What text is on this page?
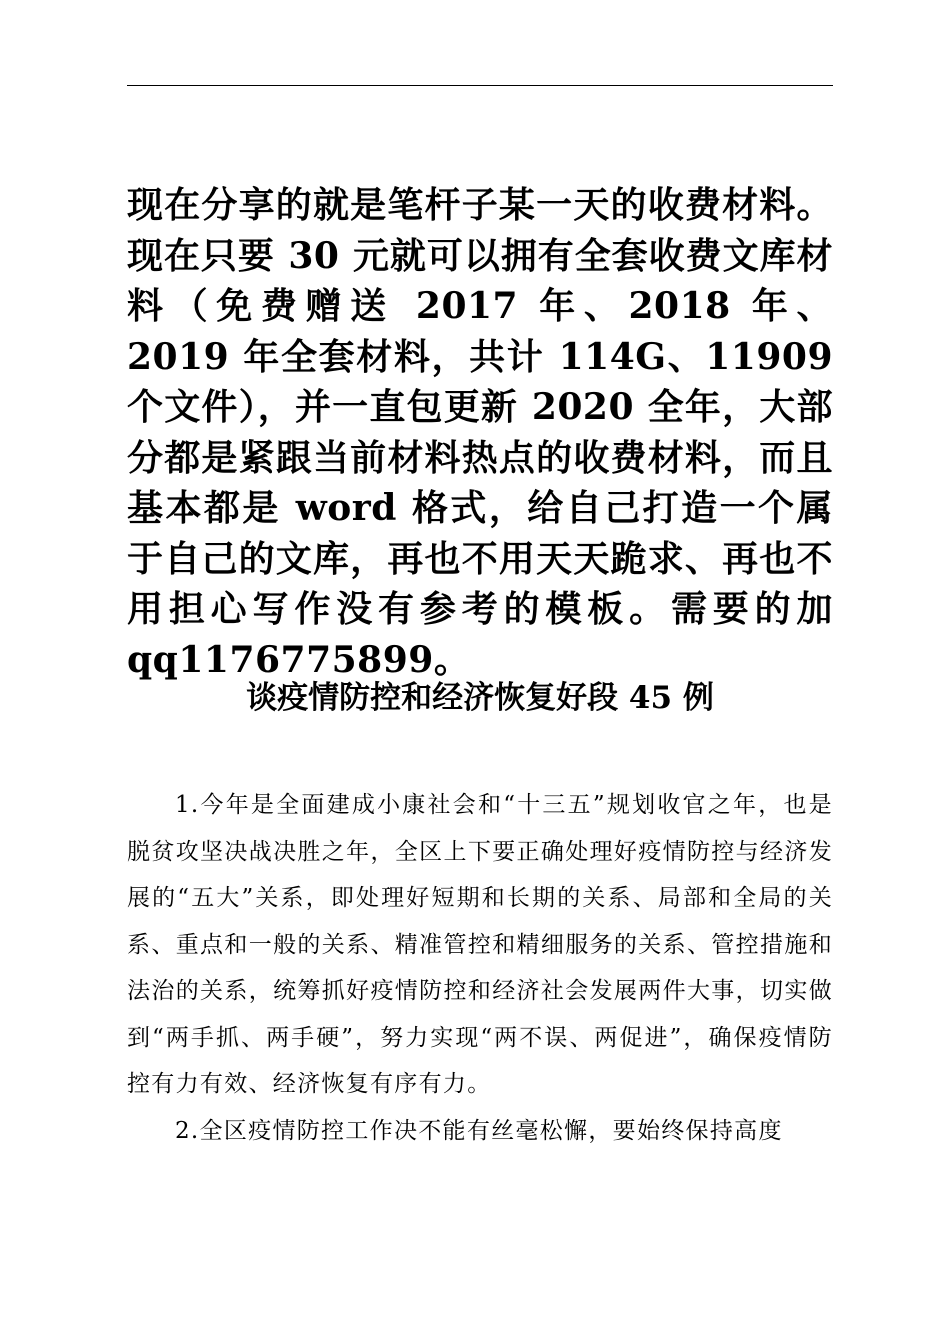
现在分享的就是笔杆子某一天的收费材料。现在只要 30 元就可以拥有全套收费文库材料（免费赠送 2017 年、2018 年、2019 年全套材料，共计 114G、11909 个文件），并一直包更新 2020 全年，大部分都是紧跟当前材料热点的收费材料，而且基本都是 word 格式，给自己打造一个属于自己的文库，再也不用天天跪求、再也不用担心写作没有参考的模板。需要的加 qq1176775899。

谈疫情防控和经济恢复好段 45 例

1.今年是全面建成小康社会和“十三五”规划收官之年，也是脱贫攻坚决战决胜之年，全区上下要正确处理好疫情防控与经济发展的“五大”关系，即处理好短期和长期的关系、局部和全局的关系、重点和一般的关系、精准管控和精细服务的关系、管控措施和法治的关系，统筹抓好疫情防控和经济社会发展两件大事，切实做到“两手抓、两手硬”，努力实现“两不误、两促进”，确保疫情防控有力有效、经济恢复有序有力。

2.全区疫情防控工作决不能有丝毫松懈，要始终保持高度
